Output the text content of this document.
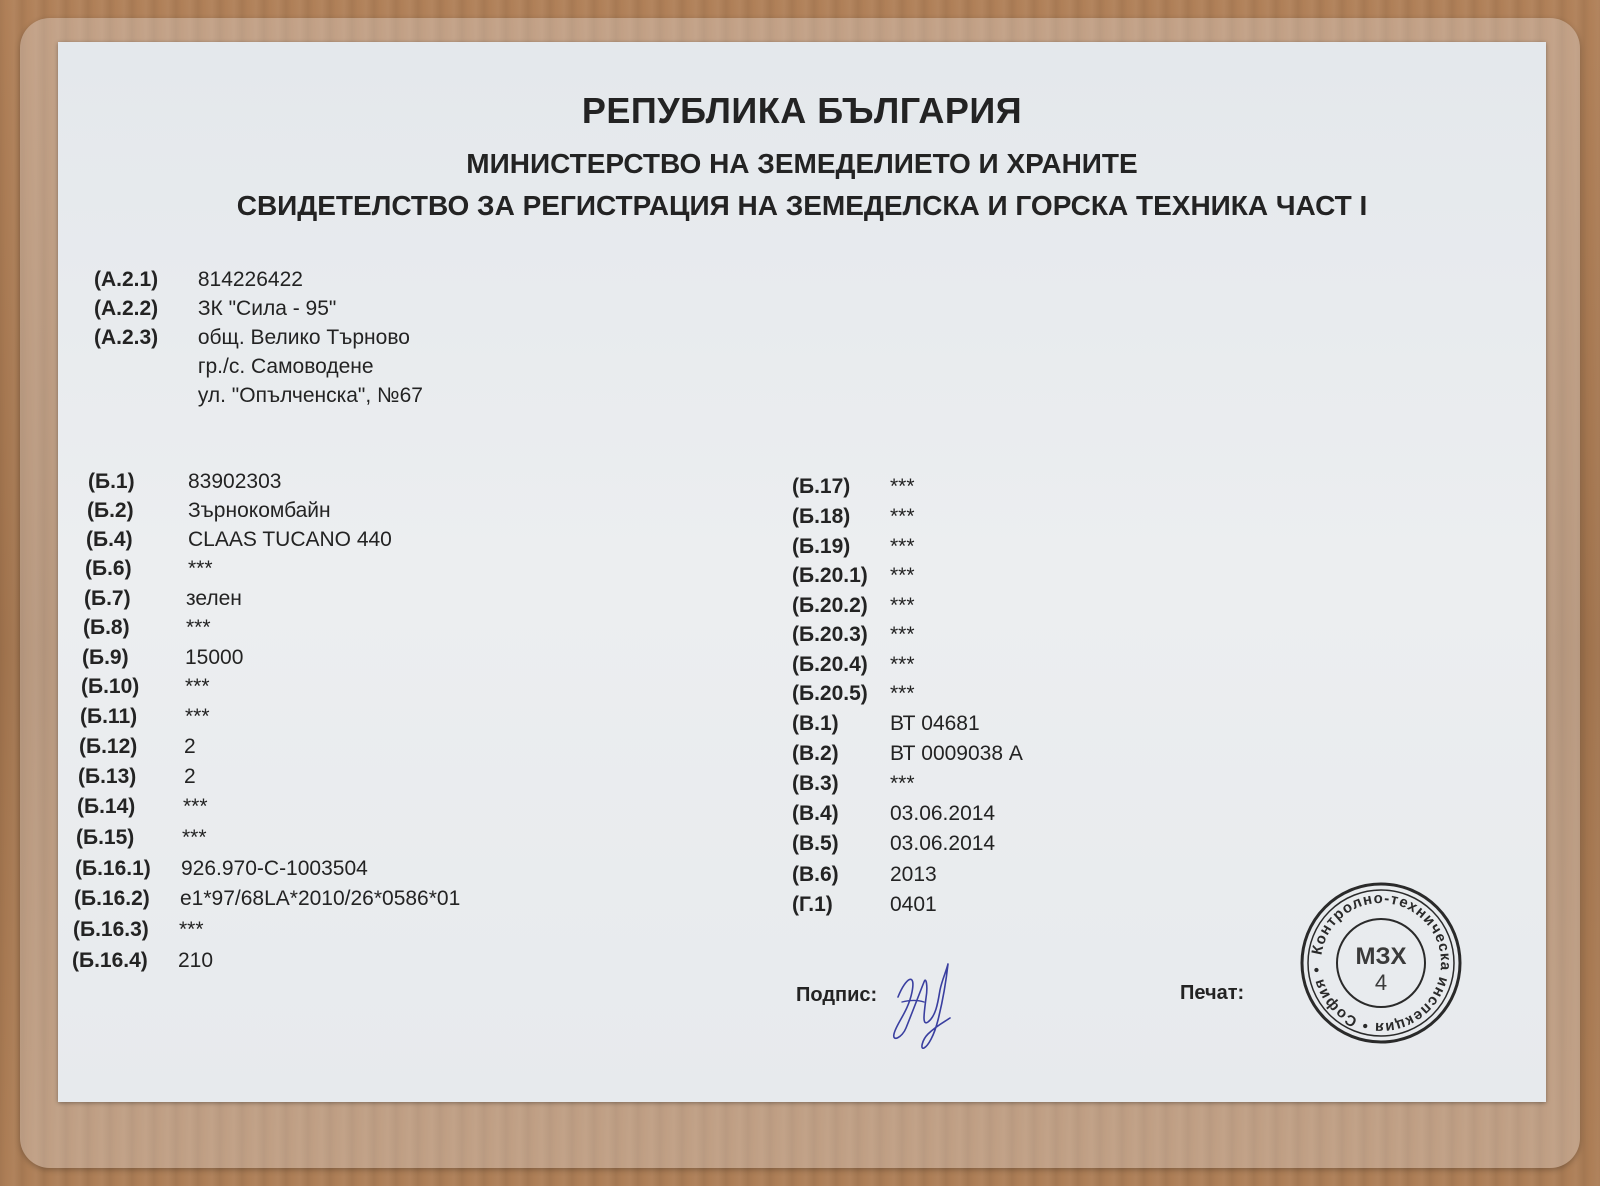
РЕПУБЛИКА БЪЛГАРИЯ
МИНИСТЕРСТВО НА ЗЕМЕДЕЛИЕТО И ХРАНИТЕ
СВИДЕТЕЛСТВО ЗА РЕГИСТРАЦИЯ НА ЗЕМЕДЕЛСКА И ГОРСКА ТЕХНИКА ЧАСТ I
(А.2.1) 814226422
(А.2.2) ЗК "Сила - 95"
(А.2.3) общ. Велико Търново
гр./с. Самоводене
ул. "Опълченска", №67
(Б.1)	83902303
(Б.2)	Зърнокомбайн
(Б.4)	CLAAS TUCANO 440
(Б.6)	***
(Б.7)	зелен
(Б.8)	***
(Б.9)	15000
(Б.10) ***
(Б.11) ***
(Б.12) 2
(Б.13) 2
(Б.14) ***
(Б.15) ***
(Б.16.1) 926.970-C-1003504
(Б.16.2) e1*97/68LA*2010/26*0586*01
(Б.16.3) ***
(Б.16.4) 210
(Б.17) ***
(Б.18) ***
(Б.19) ***
(Б.20.1) ***
(Б.20.2) ***
(Б.20.3) ***
(Б.20.4) ***
(Б.20.5) ***
(В.1) ВТ 04681
(В.2) ВТ 0009038 А
(В.3) ***
(В.4) 03.06.2014
(В.5) 03.06.2014
(В.6) 2013
(Г.1)	0401
Подпис:	Печат:
Контролно-техническа инспекция • София •	МЗХ
4
